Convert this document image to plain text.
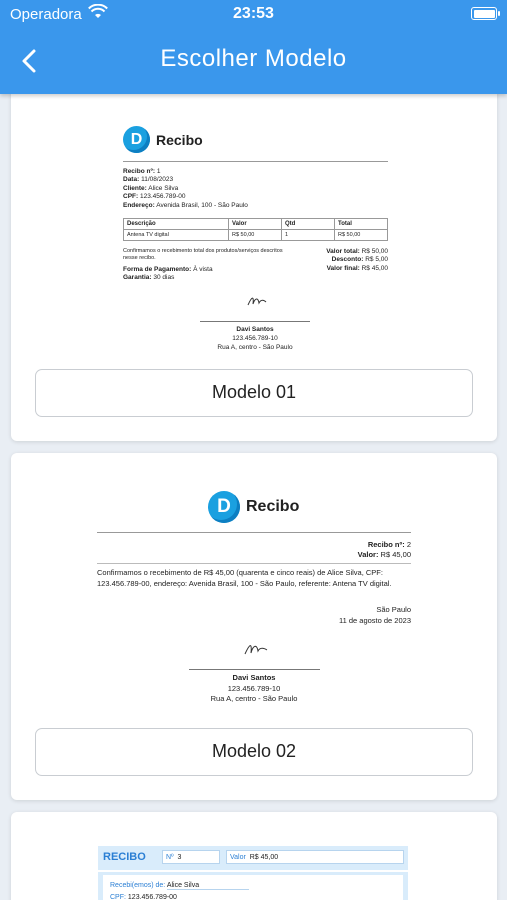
Operadora	23:53
Escolher Modelo
D Recibo
Recibo nº: 1
Data: 11/08/2023
Cliente: Alice Silva
CPF: 123.456.789-00
Endereço: Avenida Brasil, 100 - São Paulo
Descrição	Valor	Qtd	Total
Antena TV digital	R$ 50,00	1	R$ 50,00
Confirmamos o recebimento total dos produtos/serviços descritos nesse recibo.
Valor total: R$ 50,00
Desconto: R$ 5,00
Valor final: R$ 45,00
Forma de Pagamento: À vista
Garantia: 30 dias
Davi Santos
123.456.789-10
Rua A, centro - São Paulo
Modelo 01
D Recibo
Recibo nº: 2
Valor: R$ 45,00
Confirmamos o recebimento de R$ 45,00 (quarenta e cinco reais) de Alice Silva, CPF: 123.456.789-00, endereço: Avenida Brasil, 100 - São Paulo, referente: Antena TV digital.
São Paulo
11 de agosto de 2023
Davi Santos
123.456.789-10
Rua A, centro - São Paulo
Modelo 02
RECIBO	Nº 3	Valor R$ 45,00
Recebi(emos) de: Alice Silva
CPF: 123.456.789-00
